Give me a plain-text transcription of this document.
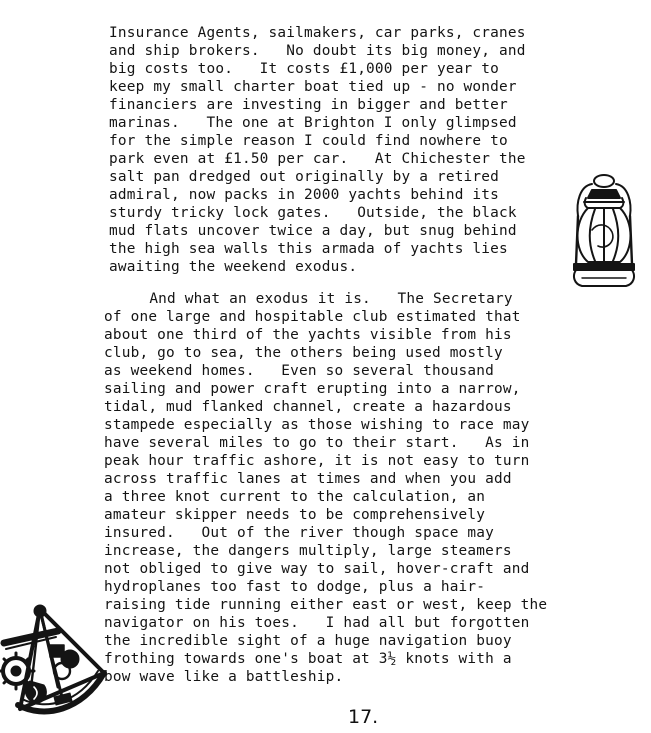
Insurance Agents, sailmakers, car parks, cranes
and ship brokers.   No doubt its big money, and
big costs too.   It costs £1,000 per year to
keep my small charter boat tied up - no wonder
financiers are investing in bigger and better
marinas.   The one at Brighton I only glimpsed
for the simple reason I could find nowhere to
park even at £1.50 per car.   At Chichester the
salt pan dredged out originally by a retired
admiral, now packs in 2000 yachts behind its
sturdy tricky lock gates.   Outside, the black
mud flats uncover twice a day, but snug behind
the high sea walls this armada of yachts lies
awaiting the weekend exodus.
And what an exodus it is.   The Secretary
of one large and hospitable club estimated that
about one third of the yachts visible from his
club, go to sea, the others being used mostly
as weekend homes.   Even so several thousand
sailing and power craft erupting into a narrow,
tidal, mud flanked channel, create a hazardous
stampede especially as those wishing to race may
have several miles to go to their start.   As in
peak hour traffic ashore, it is not easy to turn
across traffic lanes at times and when you add
a three knot current to the calculation, an
amateur skipper needs to be comprehensively
insured.   Out of the river though space may
increase, the dangers multiply, large steamers
not obliged to give way to sail, hover-craft and
hydroplanes too fast to dodge, plus a hair-
raising tide running either east or west, keep the
navigator on his toes.   I had all but forgotten
the incredible sight of a huge navigation buoy
frothing towards one's boat at 3½ knots with a
bow wave like a battleship.
17.
